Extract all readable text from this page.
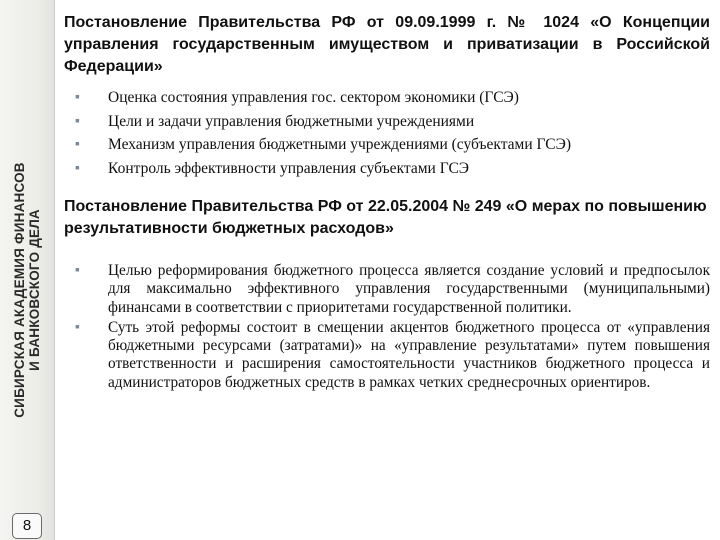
СИБИРСКАЯ АКАДЕМИЯ ФИНАНСОВ И БАНКОВСКОГО ДЕЛА
8

Постановление Правительства РФ от 09.09.1999 г. № 1024 «О Концепции управления государственным имуществом и приватизации в Российской Федерации»

▪ Оценка состояния управления гос. сектором экономики (ГСЭ)
▪ Цели и задачи управления бюджетными учреждениями
▪ Механизм управления бюджетными учреждениями (субъектами ГСЭ)
▪ Контроль эффективности управления субъектами ГСЭ

Постановление Правительства РФ от 22.05.2004 № 249 «О мерах по повышению результативности бюджетных расходов»

▪ Целью реформирования бюджетного процесса является создание условий и предпосылок для максимально эффективного управления государственными (муниципальными) финансами в соответствии с приоритетами государственной политики.
▪ Суть этой реформы состоит в смещении акцентов бюджетного процесса от «управления бюджетными ресурсами (затратами)» на «управление результатами» путем повышения ответственности и расширения самостоятельности участников бюджетного процесса и администраторов бюджетных средств в рамках четких среднесрочных ориентиров.
